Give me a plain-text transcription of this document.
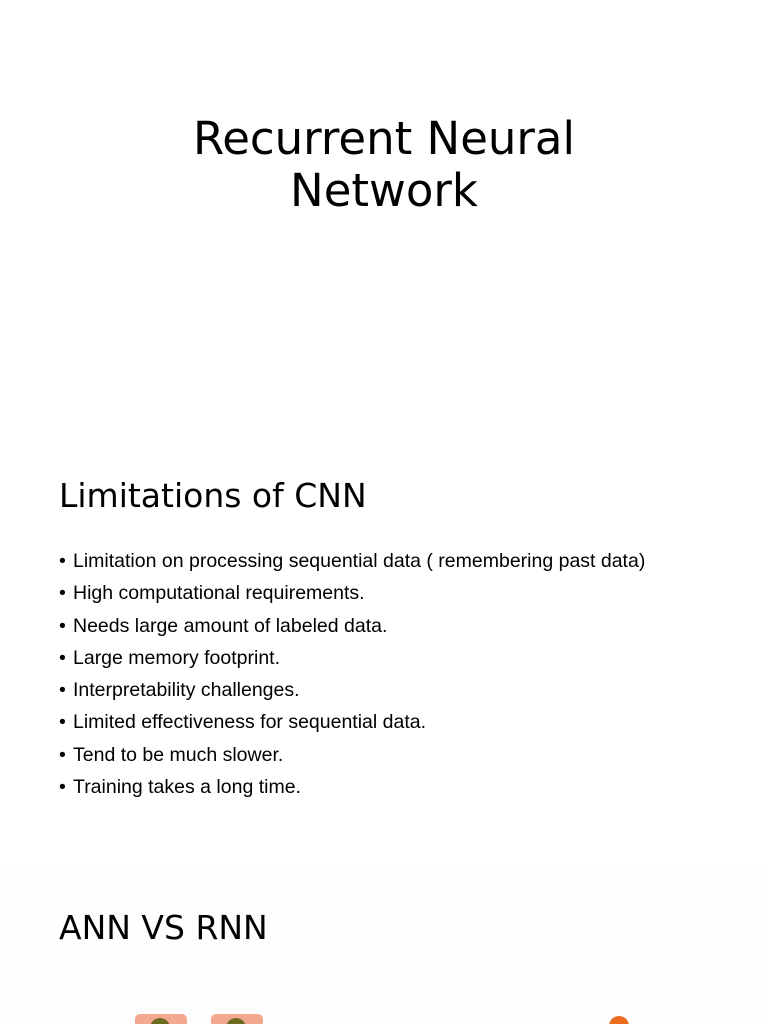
Recurrent Neural
Network
Limitations of CNN
• Limitation on processing sequential data ( remembering past data)
• High computational requirements.
• Needs large amount of labeled data.
• Large memory footprint.
• Interpretability challenges.
• Limited effectiveness for sequential data.
• Tend to be much slower.
• Training takes a long time.
ANN VS RNN
